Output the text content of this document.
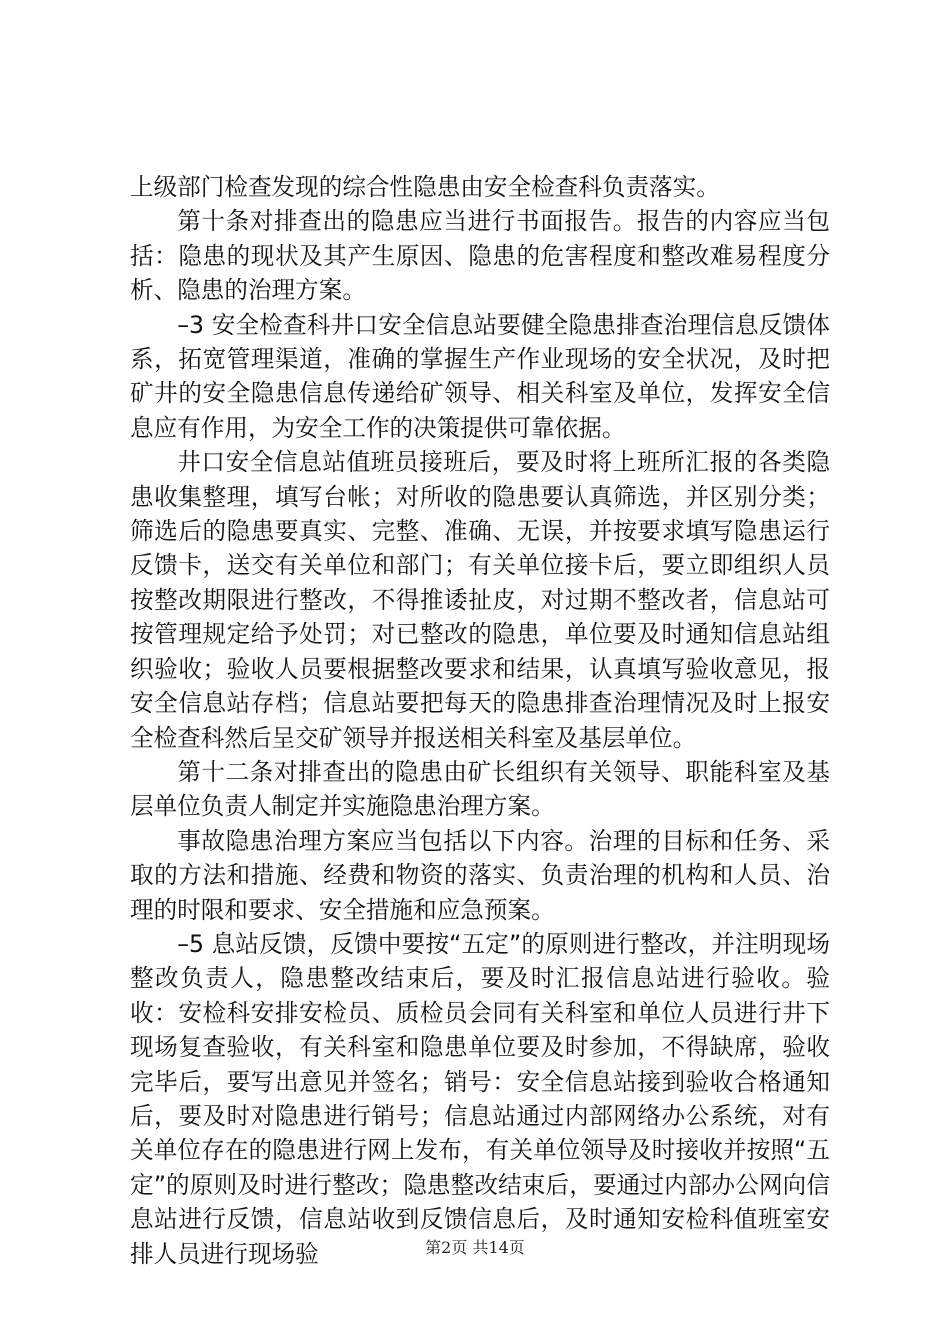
上级部门检查发现的综合性隐患由安全检查科负责落实。

第十条对排查出的隐患应当进行书面报告。报告的内容应当包括：隐患的现状及其产生原因、隐患的危害程度和整改难易程度分析、隐患的治理方案。

–3 安全检查科井口安全信息站要健全隐患排查治理信息反馈体系，拓宽管理渠道，准确的掌握生产作业现场的安全状况，及时把矿井的安全隐患信息传递给矿领导、相关科室及单位，发挥安全信息应有作用，为安全工作的决策提供可靠依据。

井口安全信息站值班员接班后，要及时将上班所汇报的各类隐患收集整理，填写台帐；对所收的隐患要认真筛选，并区别分类；筛选后的隐患要真实、完整、准确、无误，并按要求填写隐患运行反馈卡，送交有关单位和部门；有关单位接卡后，要立即组织人员按整改期限进行整改，不得推诿扯皮，对过期不整改者，信息站可按管理规定给予处罚；对已整改的隐患，单位要及时通知信息站组织验收；验收人员要根据整改要求和结果，认真填写验收意见，报安全信息站存档；信息站要把每天的隐患排查治理情况及时上报安全检查科然后呈交矿领导并报送相关科室及基层单位。

第十二条对排查出的隐患由矿长组织有关领导、职能科室及基层单位负责人制定并实施隐患治理方案。

事故隐患治理方案应当包括以下内容。治理的目标和任务、采取的方法和措施、经费和物资的落实、负责治理的机构和人员、治理的时限和要求、安全措施和应急预案。

–5 息站反馈，反馈中要按“五定”的原则进行整改，并注明现场整改负责人，隐患整改结束后，要及时汇报信息站进行验收。验收：安检科安排安检员、质检员会同有关科室和单位人员进行井下现场复查验收，有关科室和隐患单位要及时参加，不得缺席，验收完毕后，要写出意见并签名；销号：安全信息站接到验收合格通知后，要及时对隐患进行销号；信息站通过内部网络办公系统，对有关单位存在的隐患进行网上发布，有关单位领导及时接收并按照“五定”的原则及时进行整改；隐患整改结束后，要通过内部办公网向信息站进行反馈，信息站收到反馈信息后，及时通知安检科值班室安排人员进行现场验	第2页 共14页
